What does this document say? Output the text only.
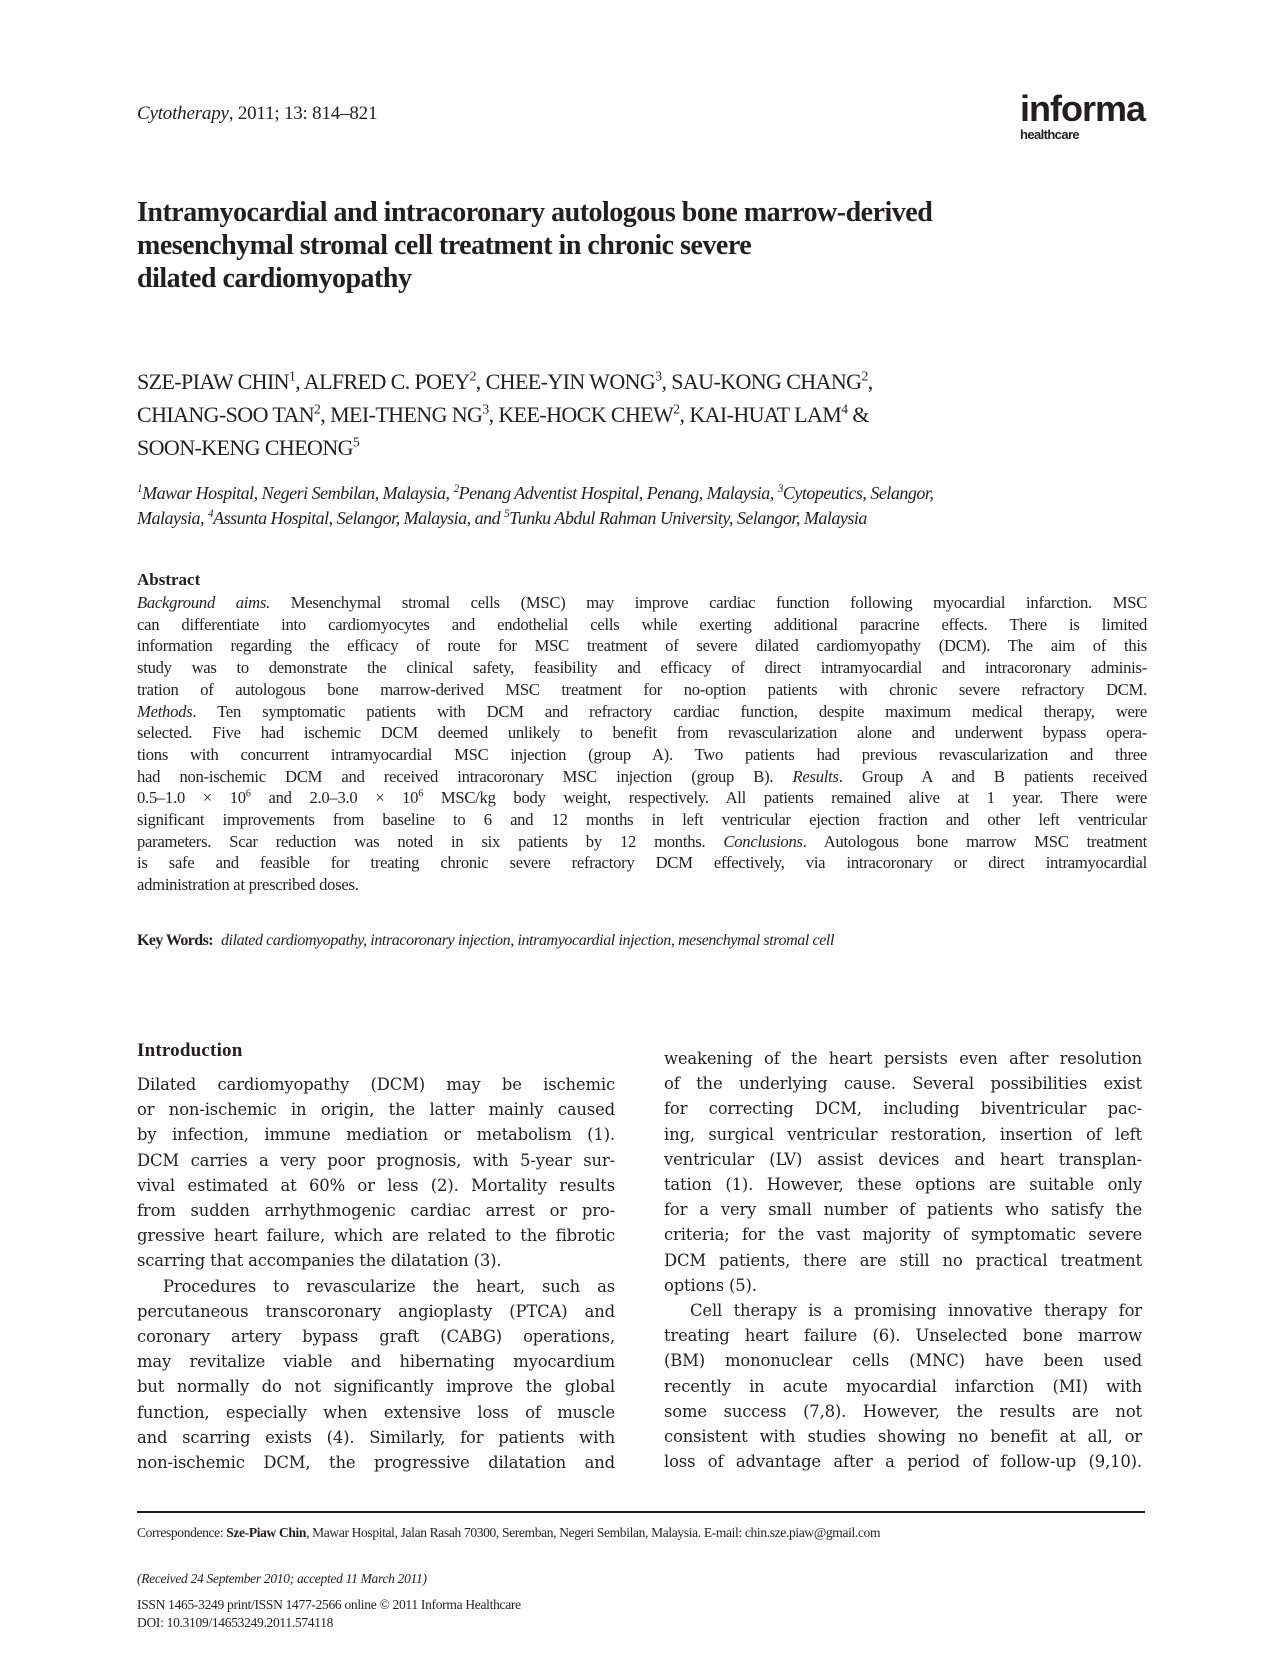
Cytotherapy, 2011; 13: 814–821	informa
healthcare
Intramyocardial and intracoronary autologous bone marrow-derived
mesenchymal stromal cell treatment in chronic severe
dilated cardiomyopathy
SZE-PIAW CHIN$^1$, ALFRED C. POEY$^2$, CHEE-YIN WONG$^3$, SAU-KONG CHANG$^2$,
CHIANG-SOO TAN$^2$, MEI-THENG $NG^3$, KEE-HOCK CHEW$^2$, KAI-HUAT LAM$^4$ &
SOON-KENG CHEONG$^5$
$^1$Mawar Hospital, Negeri Sembilan, Malaysia, $^2$Penang Adventist Hospital, Penang, Malaysia, $^3$Cytopeutics, Selangor,
Malaysia, $^4$Assunta Hospital, Selangor, Malaysia, and $^5$Tunku Abdul Rahman University, Selangor, Malaysia
Abstract
Background aims. Mesenchymal stromal cells (MSC) may improve cardiac function following myocardial infarction. MSC
can differentiate into cardiomyocytes and endothelial cells while exerting additional paracrine effects. There is limited
information regarding the efficacy of route for MSC treatment of severe dilated cardiomyopathy (DCM). The aim of this
study was to demonstrate the clinical safety, feasibility and efficacy of direct intramyocardial and intracoronary adminis-
tration of autologous bone marrow-derived MSC treatment for no-option patients with chronic severe refractory DCM.
Methods. Ten symptomatic patients with DCM and refractory cardiac function, despite maximum medical therapy, were
selected. Five had ischemic DCM deemed unlikely to benefit from revascularization alone and underwent bypass opera-
tions with concurrent intramyocardial MSC injection (group A). Two patients had previous revascularization and three
had non-ischemic DCM and received intracoronary MSC injection (group B). Results. Group A and B patients received
$0.5-1.0 \times 10^6$ and $2.0-3.0 \times 10^6$ MSC/kg body weight, respectively. All patients remained alive at 1 year. There were
significant improvements from baseline to 6 and 12 months in left ventricular ejection fraction and other left ventricular
parameters. Scar reduction was noted in six patients by 12 months. Conclusions. Autologous bone marrow MSC treatment
is safe and feasible for treating chronic severe refractory DCM effectively, via intracoronary or direct intramyocardial
administration at prescribed doses.
Key Words: dilated cardiomyopathy, intracoronary injection, intramyocardial injection, mesenchymal stromal cell
Introduction
Dilated cardiomyopathy (DCM) may be ischemic
or non-ischemic in origin, the latter mainly caused
by infection, immune mediation or metabolism (1).
DCM carries a very poor prognosis, with 5-year sur-
vival estimated at 60% or less (2). Mortality results
from sudden arrhythmogenic cardiac arrest or pro-
gressive heart failure, which are related to the fibrotic
scarring that accompanies the dilatation (3).
Procedures to revascularize the heart, such as
percutaneous transcoronary angioplasty (PTCA) and
coronary artery bypass graft (CABG) operations,
may revitalize viable and hibernating myocardium
but normally do not significantly improve the global
function, especially when extensive loss of muscle
and scarring exists (4). Similarly, for patients with
non-ischemic DCM, the progressive dilatation and
weakening of the heart persists even after resolution
of the underlying cause. Several possibilities exist
for correcting DCM, including biventricular pac-
ing, surgical ventricular restoration, insertion of left
ventricular (LV) assist devices and heart transplan-
tation (1). However, these options are suitable only
for a very small number of patients who satisfy the
criteria; for the vast majority of symptomatic severe
DCM patients, there are still no practical treatment
options (5).
Cell therapy is a promising innovative therapy for
treating heart failure (6). Unselected bone marrow
(BM) mononuclear cells (MNC) have been used
recently in acute myocardial infarction (MI) with
some success (7,8). However, the results are not
consistent with studies showing no benefit at all, or
loss of advantage after a period of follow-up (9,10).
Correspondence: Sze-Piaw Chin, Mawar Hospital, Jalan Rasah 70300, Seremban, Negeri Sembilan, Malaysia. E-mail: chin.sze.piaw@gmail.com
(Received 24 September 2010; accepted 11 March 2011)
ISSN 1465-3249 print/ISSN 1477-2566 online © 2011 Informa Healthcare
DOI: 10.3109/14653249.2011.574118
